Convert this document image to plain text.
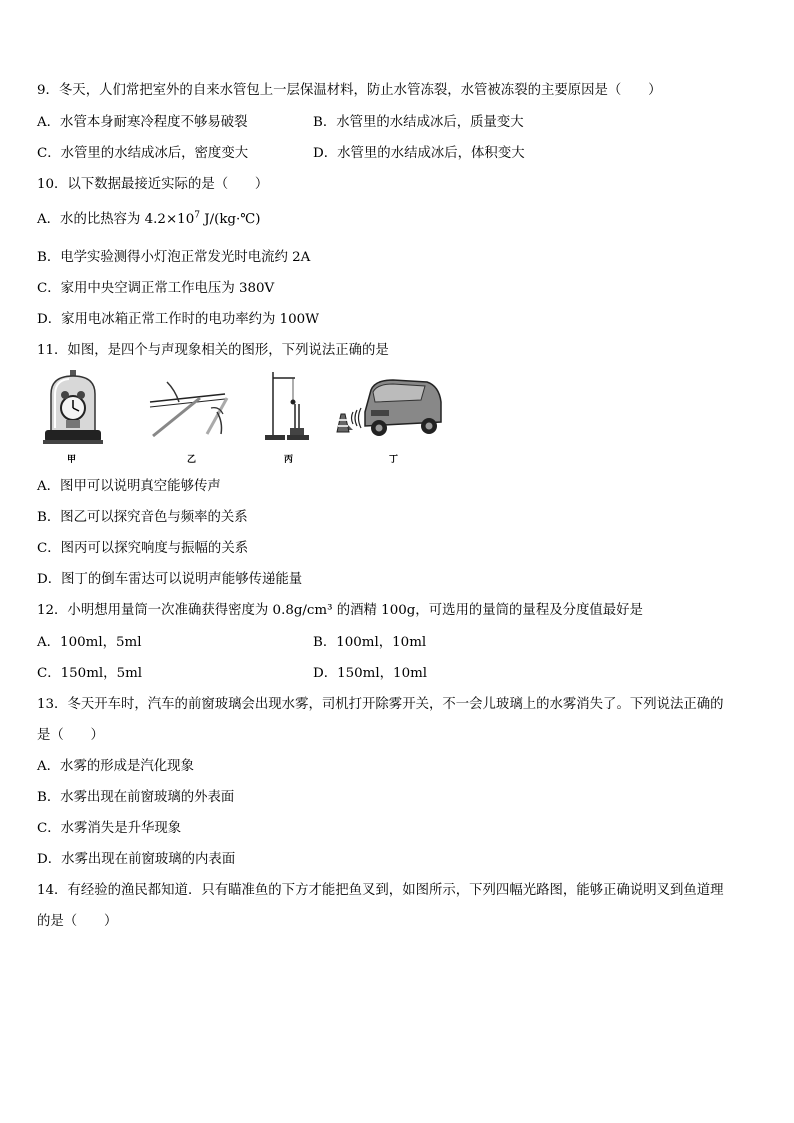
9．冬天，人们常把室外的自来水管包上一层保温材料，防止水管冻裂，水管被冻裂的主要原因是（　　）
A．水管本身耐寒冷程度不够易破裂	B．水管里的水结成冰后，质量变大
C．水管里的水结成冰后，密度变大	D．水管里的水结成冰后，体积变大
10．以下数据最接近实际的是（　　）
A．水的比热容为 $4.2\times 10^7$ J/(kg·℃)
B．电学实验测得小灯泡正常发光时电流约 2A
C．家用中央空调正常工作电压为 380V
D．家用电冰箱正常工作时的电功率约为 100W
11．如图，是四个与声现象相关的图形，下列说法正确的是
甲	乙	丙	丁
A．图甲可以说明真空能够传声
B．图乙可以探究音色与频率的关系
C．图丙可以探究响度与振幅的关系
D．图丁的倒车雷达可以说明声能够传递能量
12．小明想用量筒一次准确获得密度为 0.8g/cm³ 的酒精 100g，可选用的量筒的量程及分度值最好是
A．100ml，5ml	B．100ml，10ml
C．150ml，5ml	D．150ml，10ml
13．冬天开车时，汽车的前窗玻璃会出现水雾，司机打开除雾开关，不一会儿玻璃上的水雾消失了。下列说法正确的
是（　　）
A．水雾的形成是汽化现象
B．水雾出现在前窗玻璃的外表面
C．水雾消失是升华现象
D．水雾出现在前窗玻璃的内表面
14．有经验的渔民都知道．只有瞄准鱼的下方才能把鱼叉到，如图所示，下列四幅光路图，能够正确说明叉到鱼道理
的是（　　）
